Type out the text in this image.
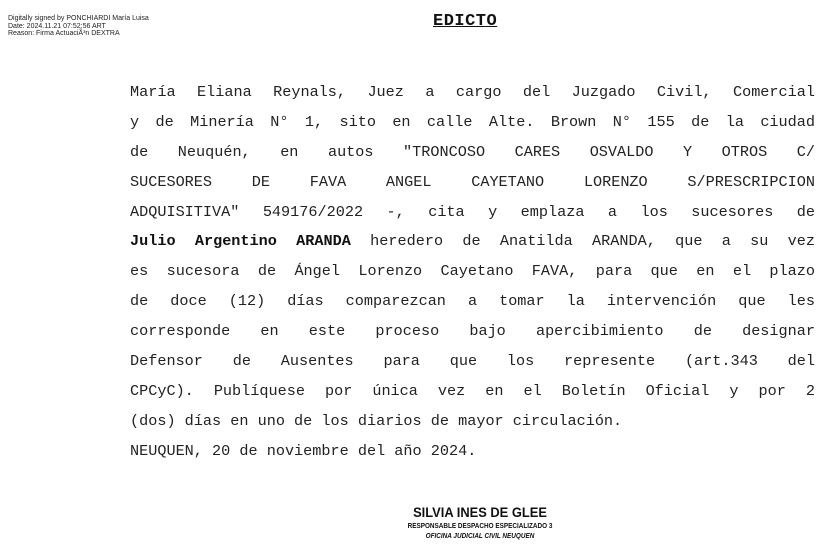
Digitally signed by PONCHIARDI María Luisa
Date: 2024.11.21 07:52:56 ART
Reason: Firma ActuaciÃ³n DEXTRA
EDICTO
María Eliana Reynals, Juez a cargo del Juzgado Civil, Comercial
y de Minería N° 1, sito en calle Alte. Brown N° 155 de la ciudad
de Neuquén, en autos "TRONCOSO CARES OSVALDO Y OTROS C/
SUCESORES DE FAVA ANGEL CAYETANO LORENZO S/PRESCRIPCION
ADQUISITIVA" 549176/2022 -, cita y emplaza a los sucesores de
Julio Argentino ARANDA heredero de Anatilda ARANDA, que a su vez
es sucesora de Ángel Lorenzo Cayetano FAVA, para que en el plazo
de doce (12) días comparezcan a tomar la intervención que les
corresponde en este proceso bajo apercibimiento de designar
Defensor de Ausentes para que los represente (art.343 del
CPCyC). Publíquese por única vez en el Boletín Oficial y por 2
(dos) días en uno de los diarios de mayor circulación.
NEUQUEN, 20 de noviembre del año 2024.
SILVIA INES DE GLEE
RESPONSABLE DESPACHO ESPECIALIZADO 3
OFICINA JUDICIAL CIVIL NEUQUEN
